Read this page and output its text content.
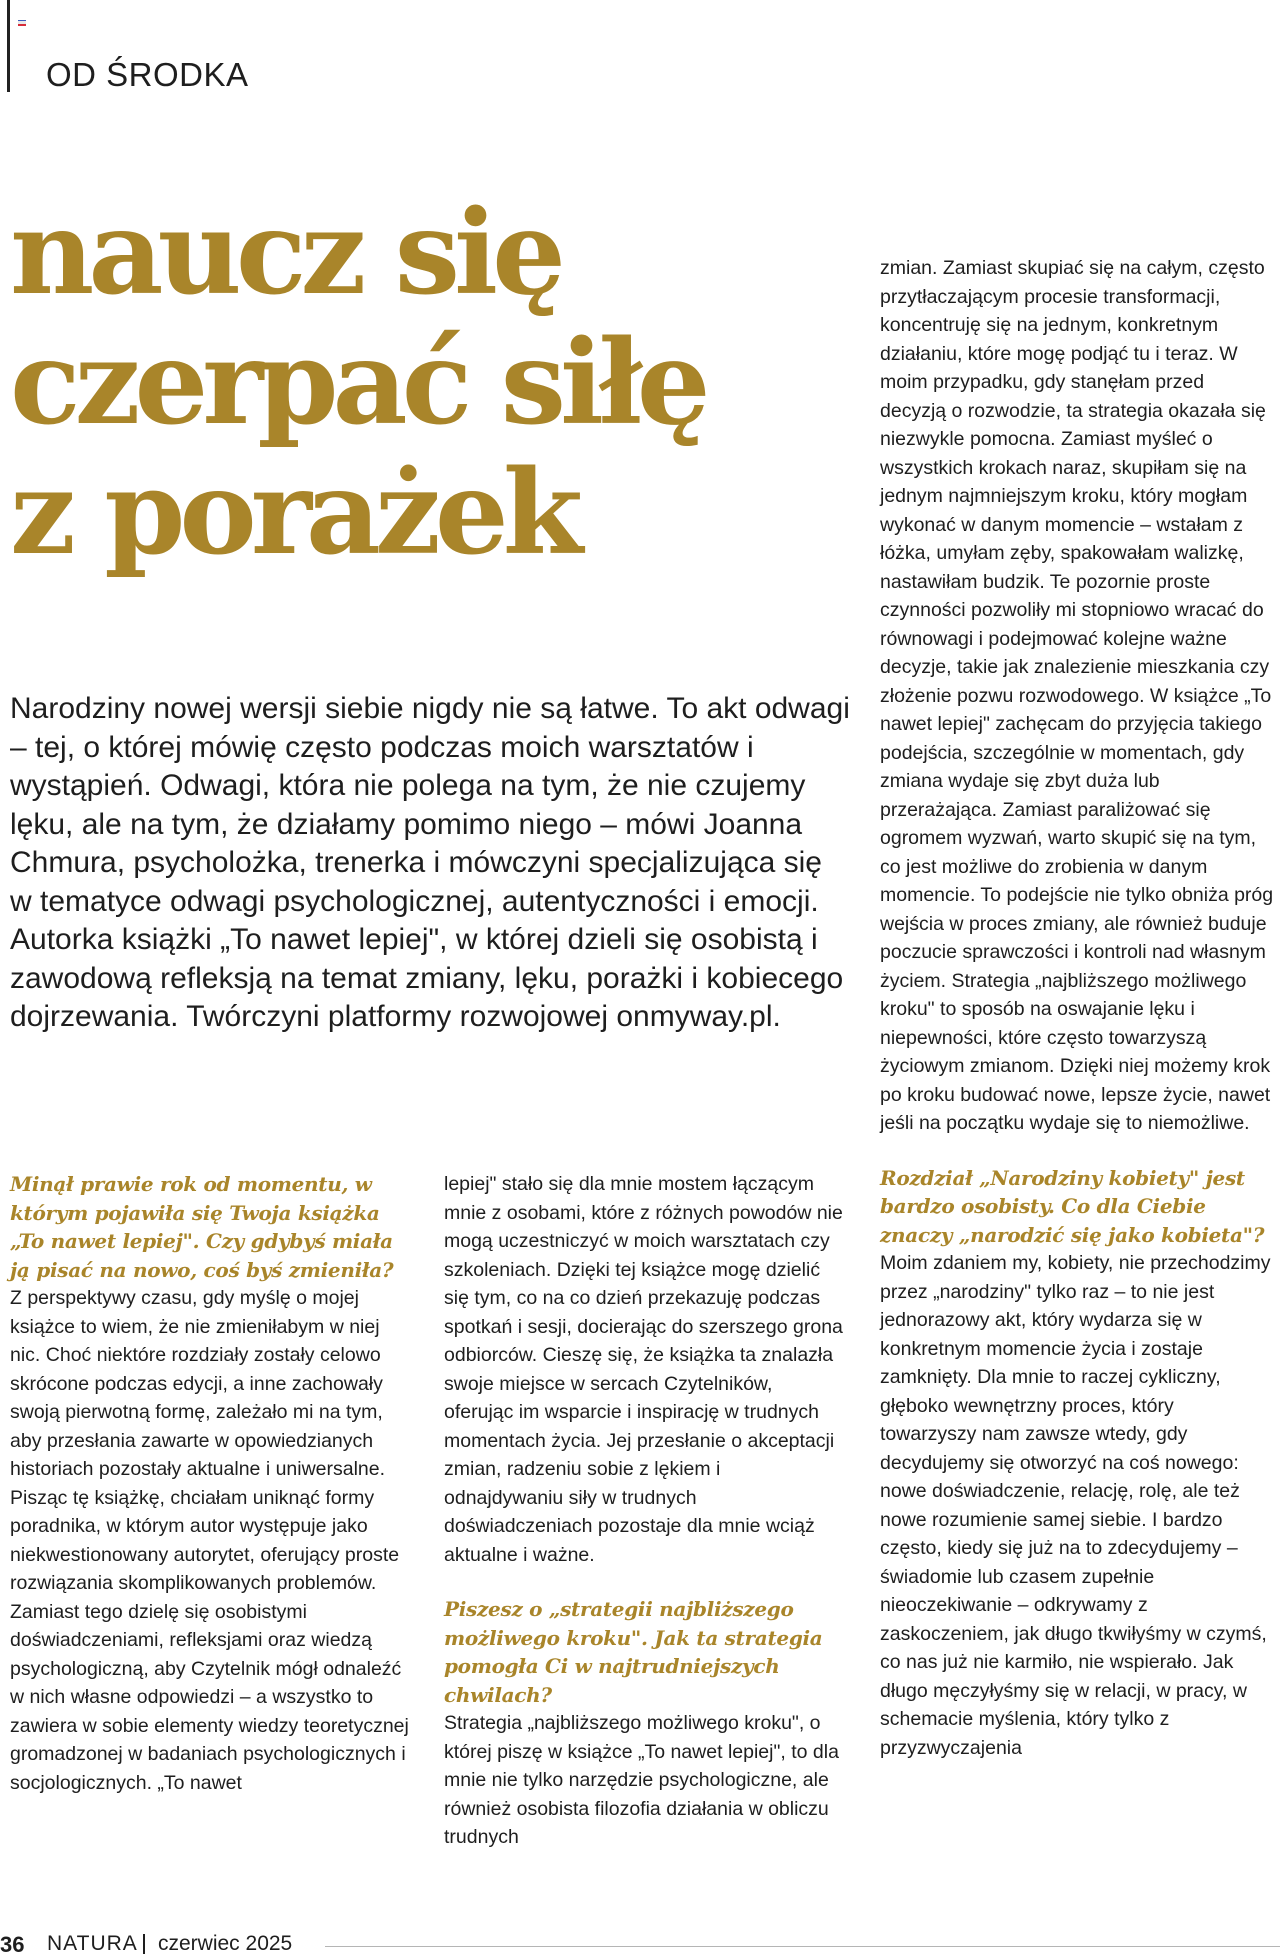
OD ŚRODKA
naucz się
czerpać siłę
z porażek

Narodziny nowej wersji siebie nigdy nie są łatwe. To akt odwagi – tej, o której mówię często podczas moich warsztatów i wystąpień. Odwagi, która nie polega na tym, że nie czujemy lęku, ale na tym, że działamy pomimo niego – mówi Joanna Chmura, psycholożka, trenerka i mówczyni specjalizująca się w tematyce odwagi psychologicznej, autentyczności i emocji. Autorka książki „To nawet lepiej", w której dzieli się osobistą i zawodową refleksją na temat zmiany, lęku, porażki i kobiecego dojrzewania. Twórczyni platformy rozwojowej onmyway.pl.

Minął prawie rok od momentu, w którym pojawiła się Twoja książka „To nawet lepiej". Czy gdybyś miała ją pisać na nowo, coś byś zmieniła?

Z perspektywy czasu, gdy myślę o mojej książce to wiem, że nie zmieniłabym w niej nic. Choć niektóre rozdziały zostały celowo skrócone podczas edycji, a inne zachowały swoją pierwotną formę, zależało mi na tym, aby przesłania zawarte w opowiedzianych historiach pozostały aktualne i uniwersalne. Pisząc tę książkę, chciałam uniknąć formy poradnika, w którym autor występuje jako niekwestionowany autorytet, oferujący proste rozwiązania skomplikowanych problemów. Zamiast tego dzielę się osobistymi doświadczeniami, refleksjami oraz wiedzą psychologiczną, aby Czytelnik mógł odnaleźć w nich własne odpowiedzi – a wszystko to zawiera w sobie elementy wiedzy teoretycznej gromadzonej w badaniach psychologicznych i socjologicznych. „To nawet

lepiej" stało się dla mnie mostem łączącym mnie z osobami, które z różnych powodów nie mogą uczestniczyć w moich warsztatach czy szkoleniach. Dzięki tej książce mogę dzielić się tym, co na co dzień przekazuję podczas spotkań i sesji, docierając do szerszego grona odbiorców. Cieszę się, że książka ta znalazła swoje miejsce w sercach Czytelników, oferując im wsparcie i inspirację w trudnych momentach życia. Jej przesłanie o akceptacji zmian, radzeniu sobie z lękiem i odnajdywaniu siły w trudnych doświadczeniach pozostaje dla mnie wciąż aktualne i ważne.

Piszesz o „strategii najbliższego możliwego kroku". Jak ta strategia pomogła Ci w najtrudniejszych chwilach?

Strategia „najbliższego możliwego kroku", o której piszę w książce „To nawet lepiej", to dla mnie nie tylko narzędzie psychologiczne, ale również osobista filozofia działania w obliczu trudnych

zmian. Zamiast skupiać się na całym, często przytłaczającym procesie transformacji, koncentruję się na jednym, konkretnym działaniu, które mogę podjąć tu i teraz. W moim przypadku, gdy stanęłam przed decyzją o rozwodzie, ta strategia okazała się niezwykle pomocna. Zamiast myśleć o wszystkich krokach naraz, skupiłam się na jednym najmniejszym kroku, który mogłam wykonać w danym momencie – wstałam z łóżka, umyłam zęby, spakowałam walizkę, nastawiłam budzik. Te pozornie proste czynności pozwoliły mi stopniowo wracać do równowagi i podejmować kolejne ważne decyzje, takie jak znalezienie mieszkania czy złożenie pozwu rozwodowego. W książce „To nawet lepiej" zachęcam do przyjęcia takiego podejścia, szczególnie w momentach, gdy zmiana wydaje się zbyt duża lub przerażająca. Zamiast paraliżować się ogromem wyzwań, warto skupić się na tym, co jest możliwe do zrobienia w danym momencie. To podejście nie tylko obniża próg wejścia w proces zmiany, ale również buduje poczucie sprawczości i kontroli nad własnym życiem. Strategia „najbliższego możliwego kroku" to sposób na oswajanie lęku i niepewności, które często towarzyszą życiowym zmianom. Dzięki niej możemy krok po kroku budować nowe, lepsze życie, nawet jeśli na początku wydaje się to niemożliwe.

Rozdział „Narodziny kobiety" jest bardzo osobisty. Co dla Ciebie znaczy „narodzić się jako kobieta"?

Moim zdaniem my, kobiety, nie przechodzimy przez „narodziny" tylko raz – to nie jest jednorazowy akt, który wydarza się w konkretnym momencie życia i zostaje zamknięty. Dla mnie to raczej cykliczny, głęboko wewnętrzny proces, który towarzyszy nam zawsze wtedy, gdy decydujemy się otworzyć na coś nowego: nowe doświadczenie, relację, rolę, ale też nowe rozumienie samej siebie. I bardzo często, kiedy się już na to zdecydujemy – świadomie lub czasem zupełnie nieoczekiwanie – odkrywamy z zaskoczeniem, jak długo tkwiłyśmy w czymś, co nas już nie karmiło, nie wspierało. Jak długo męczyłyśmy się w relacji, w pracy, w schemacie myślenia, który tylko z przyzwyczajenia

36 NATURA czerwiec 2025
